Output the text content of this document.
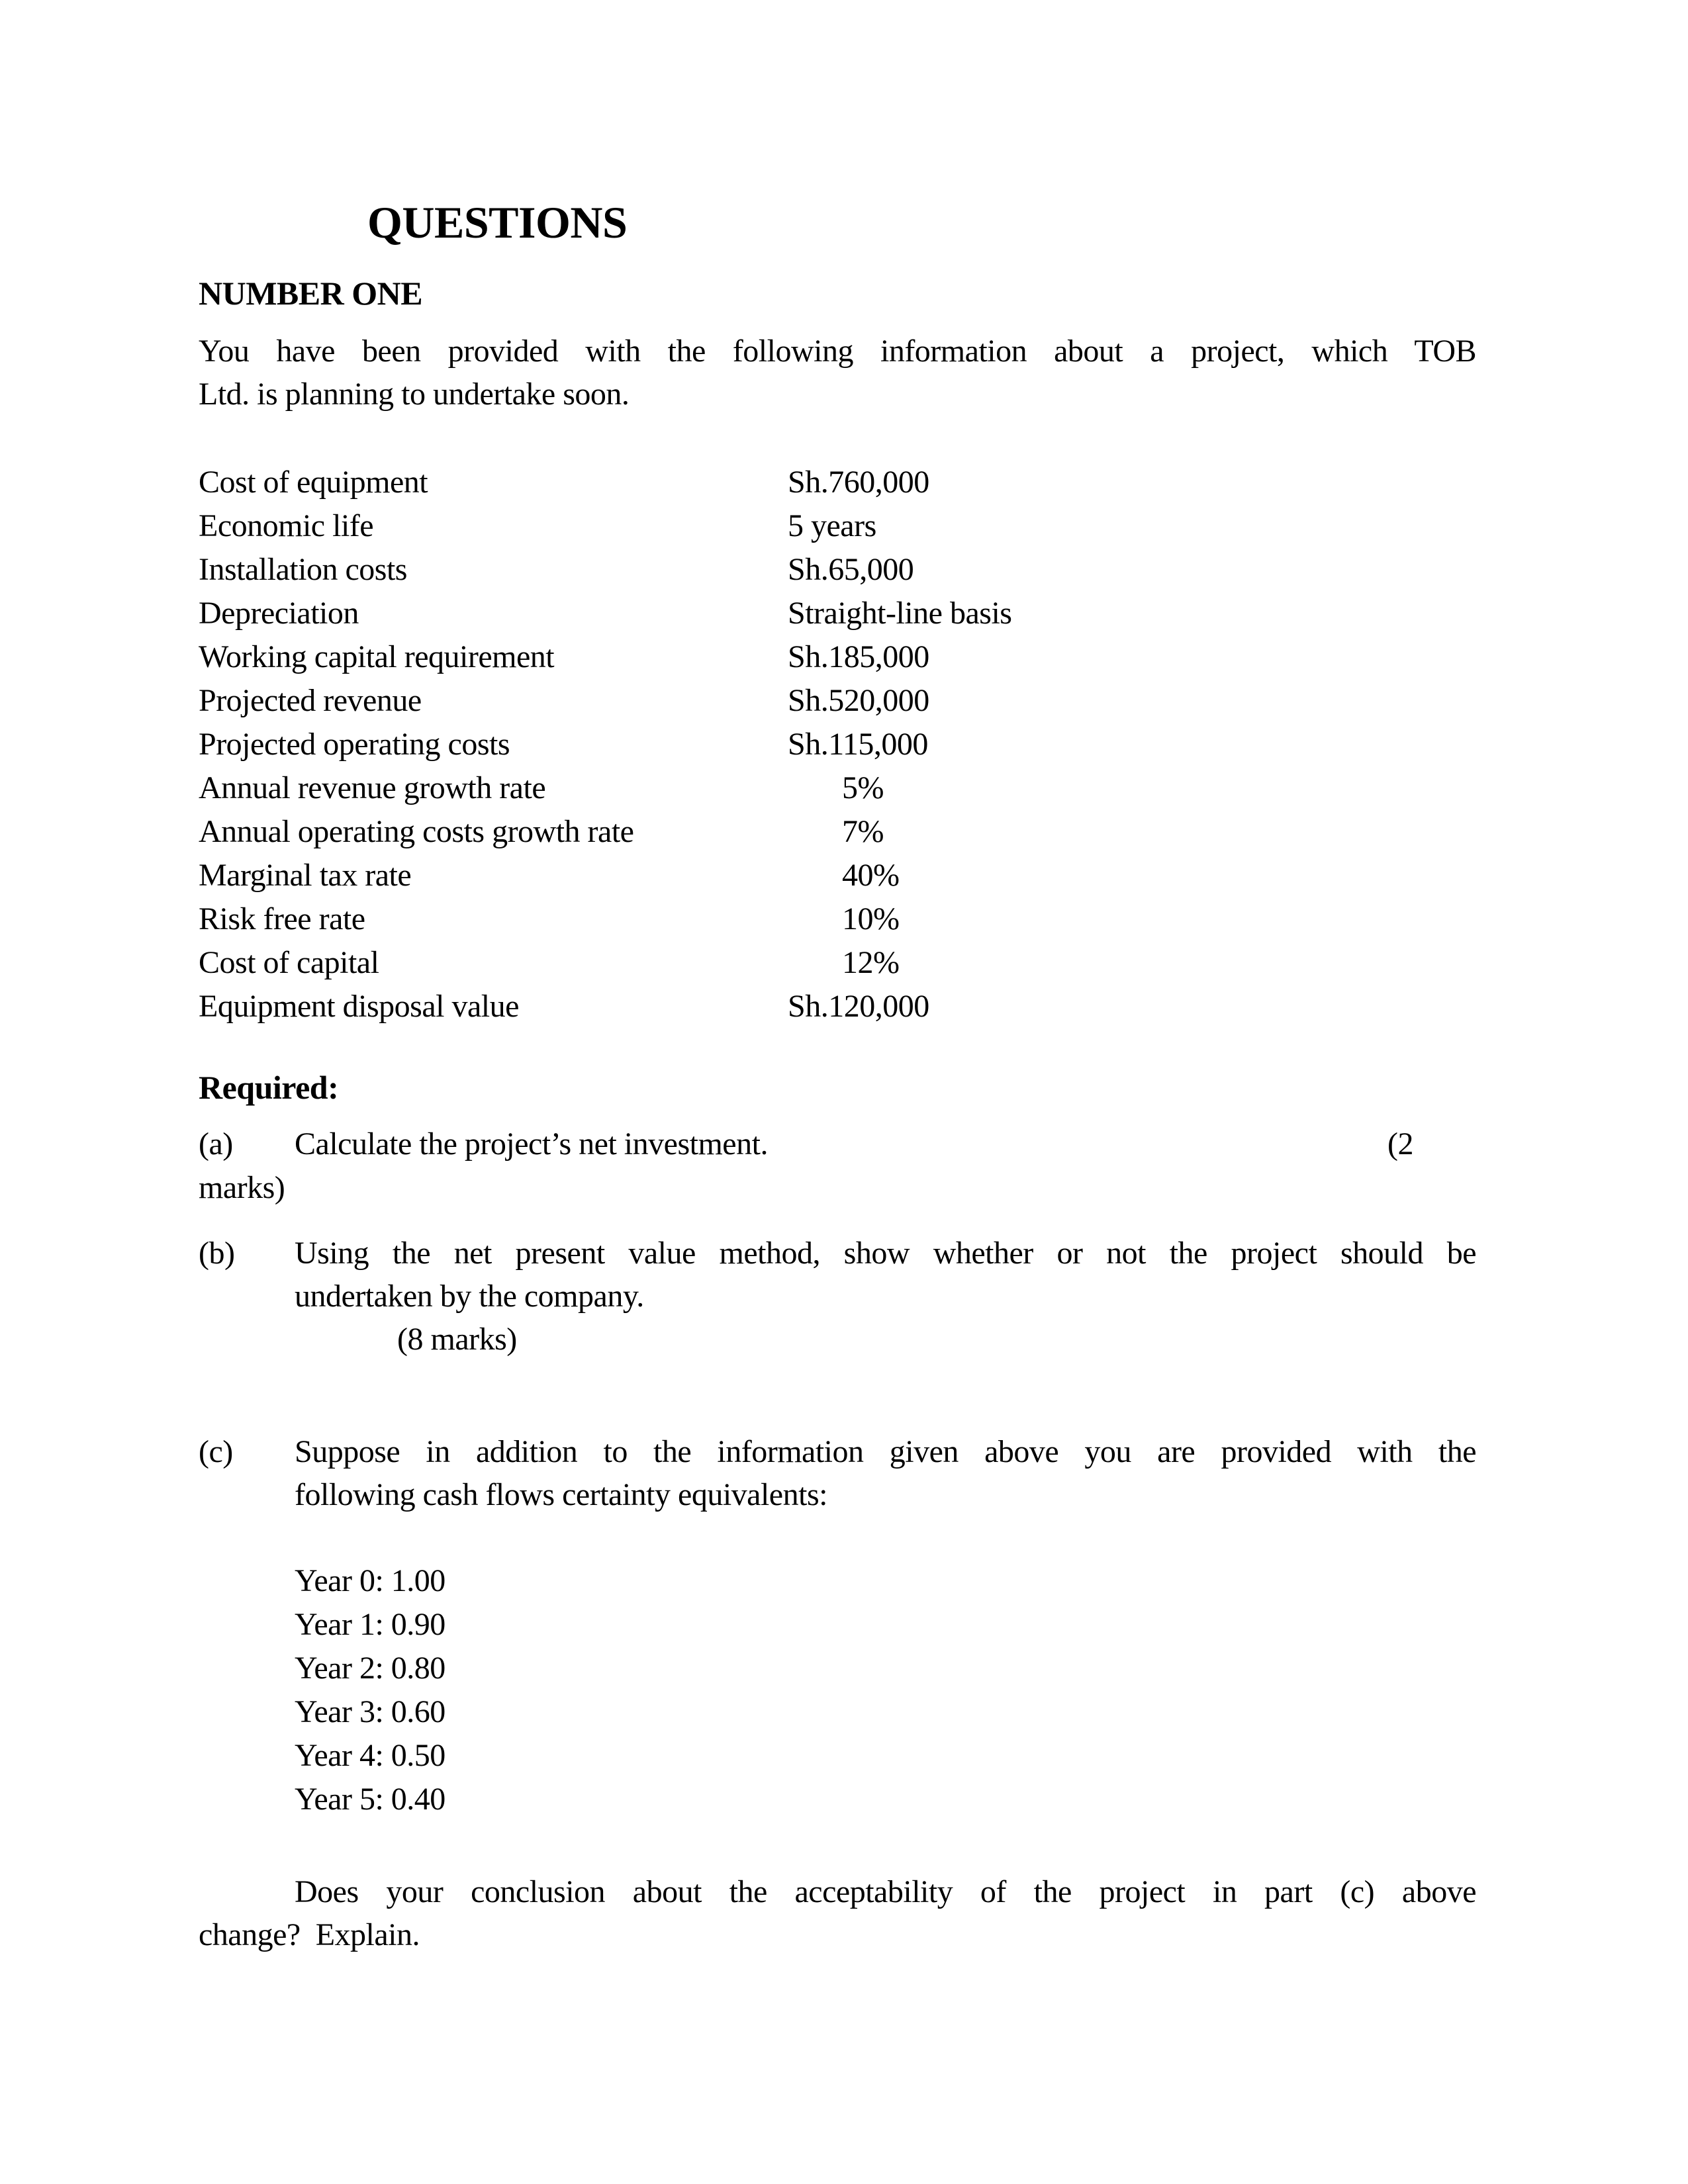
QUESTIONS
NUMBER ONE
You have been provided with the following information about a project, which TOB
Ltd. is planning to undertake soon.
Cost of equipment	Sh.760,000
Economic life	5 years
Installation costs	Sh.65,000
Depreciation	Straight-line basis
Working capital requirement	Sh.185,000
Projected revenue	Sh.520,000
Projected operating costs	Sh.115,000
Annual revenue growth rate	5%
Annual operating costs growth rate	7%
Marginal tax rate	40%
Risk free rate	10%
Cost of capital	12%
Equipment disposal value	Sh.120,000
Required:
(a)	Calculate the project’s net investment.	(2
marks)
(b)	Using the net present value method, show whether or not the project should be
undertaken by the company.
(8 marks)
(c)	Suppose in addition to the information given above you are provided with the
following cash flows certainty equivalents:
Year 0: 1.00
Year 1: 0.90
Year 2: 0.80
Year 3: 0.60
Year 4: 0.50
Year 5: 0.40
Does your conclusion about the acceptability of the project in part (c) above
change?  Explain.
